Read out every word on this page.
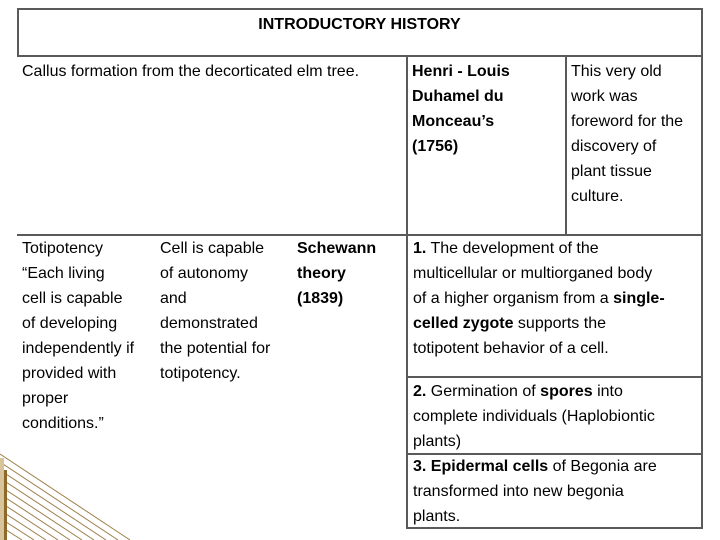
INTRODUCTORY HISTORY
Callus formation from the decorticated elm tree.	Henri - Louis
Duhamel du
Monceau’s
(1756)
This very old
work was
foreword for the
discovery of
plant tissue
culture.
Totipotency
“Each living
cell is capable
of developing
independently if
provided with
proper
conditions.”
Cell is capable
of autonomy
and
demonstrated
the potential for
totipotency.
Schewann
theory
(1839)
1. The development of the
multicellular or multiorganed body
of a higher organism from a single-
celled zygote supports the
totipotent behavior of a cell.
2. Germination of spores into
complete individuals (Haplobiontic
plants)
3. Epidermal cells of Begonia are
transformed into new begonia
plants.
